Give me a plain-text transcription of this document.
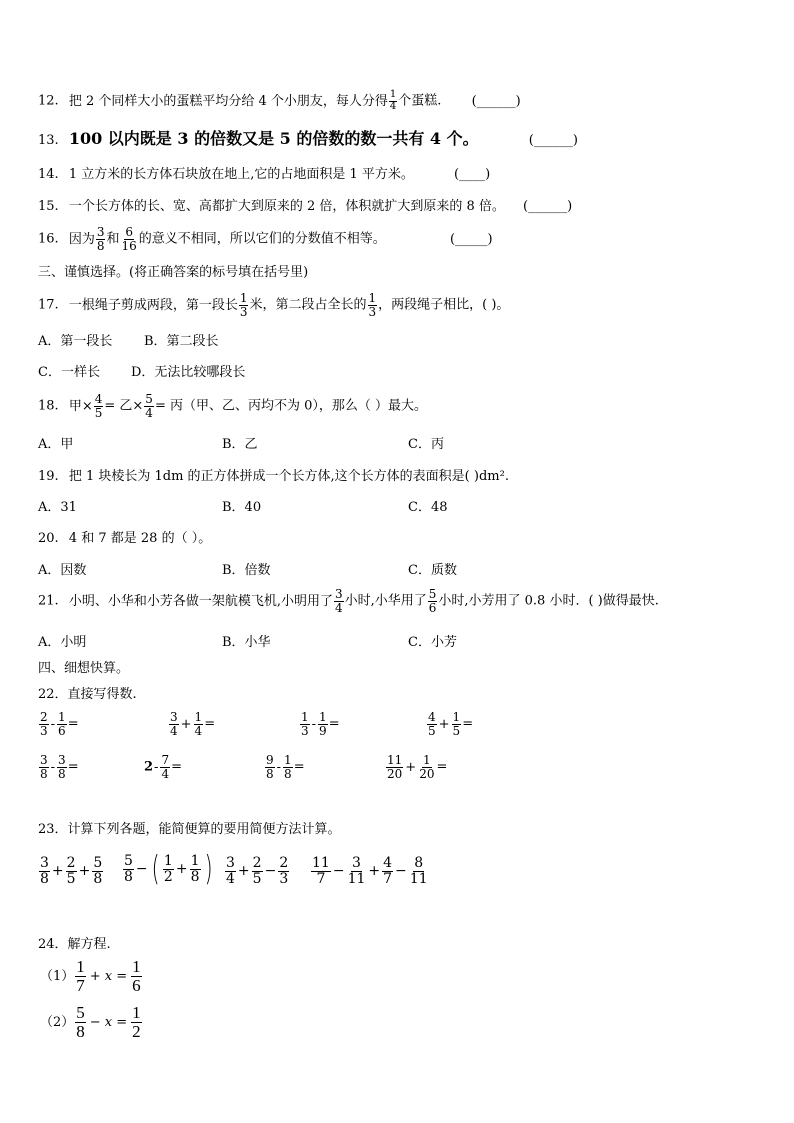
12. 把 2 个同样大小的蛋糕平均分给 4 个小朋友，每人分得 $\frac{1}{4}$ 个蛋糕. (______)
13. 100 以内既是 3 的倍数又是 5 的倍数的数一共有 4 个。	(______)
14. 1 立方米的长方体石块放在地上,它的占地面积是 1 平方米。	(____)
15. 一个长方体的长、宽、高都扩大到原来的 2 倍，体积就扩大到原来的 8 倍。 (______)
16. 因为 $\frac{3}{8}$ 和 $\frac{6}{16}$ 的意义不相同，所以它们的分数值不相等。	(_____)
三、谨慎选择。(将正确答案的标号填在括号里)
17. 一根绳子剪成两段，第一段长 $\frac{1}{3}$ 米，第二段占全长的 $\frac{1}{3}$ ，两段绳子相比，( )。
A．第一段长 B．第二段长
C．一样长 D．无法比较哪段长
18. 甲× $\frac{4}{5}$ = 乙× $\frac{5}{4}$ = 丙（甲、乙、丙均不为 0），那么（ ）最大。
A．甲	B．乙	C．丙
19. 把 1 块棱长为 1dm 的正方体拼成一个长方体,这个长方体的表面积是( )dm².
A．31	B．40	C．48
20. 4 和 7 都是 28 的（ ）。
A．因数	B．倍数	C．质数
21. 小明、小华和小芳各做一架航模飞机,小明用了 $\frac{3}{4}$ 小时,小华用了 $\frac{5}{6}$ 小时,小芳用了 0.8 小时．( )做得最快.
A．小明	B．小华	C．小芳
四、细想快算。
22．直接写得数.
$\frac{2}{3} - \frac{1}{6}$ =	$\frac{3}{4} + \frac{1}{4}$ =	$\frac{1}{3} - \frac{1}{9}$ =	$\frac{4}{5} + \frac{1}{5}$ =
$\frac{3}{8} - \frac{3}{8}$ =	$2- \frac{7}{4}$ =	$\frac{9}{8} - \frac{1}{8}$ =	$\frac{11}{20} + \frac{1}{20}$ =
23．计算下列各题，能简便算的要用简便方法计算。
$\frac{3}{8} + \frac{2}{5} + \frac{5}{8} \frac{5}{8}$ − ( $\frac{1}{2} + \frac{1}{8}$ ) $\frac{3}{4} + \frac{2}{5} - \frac{2}{3} \frac{11}{7} - \frac{3}{11} + \frac{4}{7} - \frac{8}{11}$
24．解方程.
$(1) \frac{1}{7} + x = \frac{1}{6}$
$(2) \frac{5}{8} - x = \frac{1}{2}$
